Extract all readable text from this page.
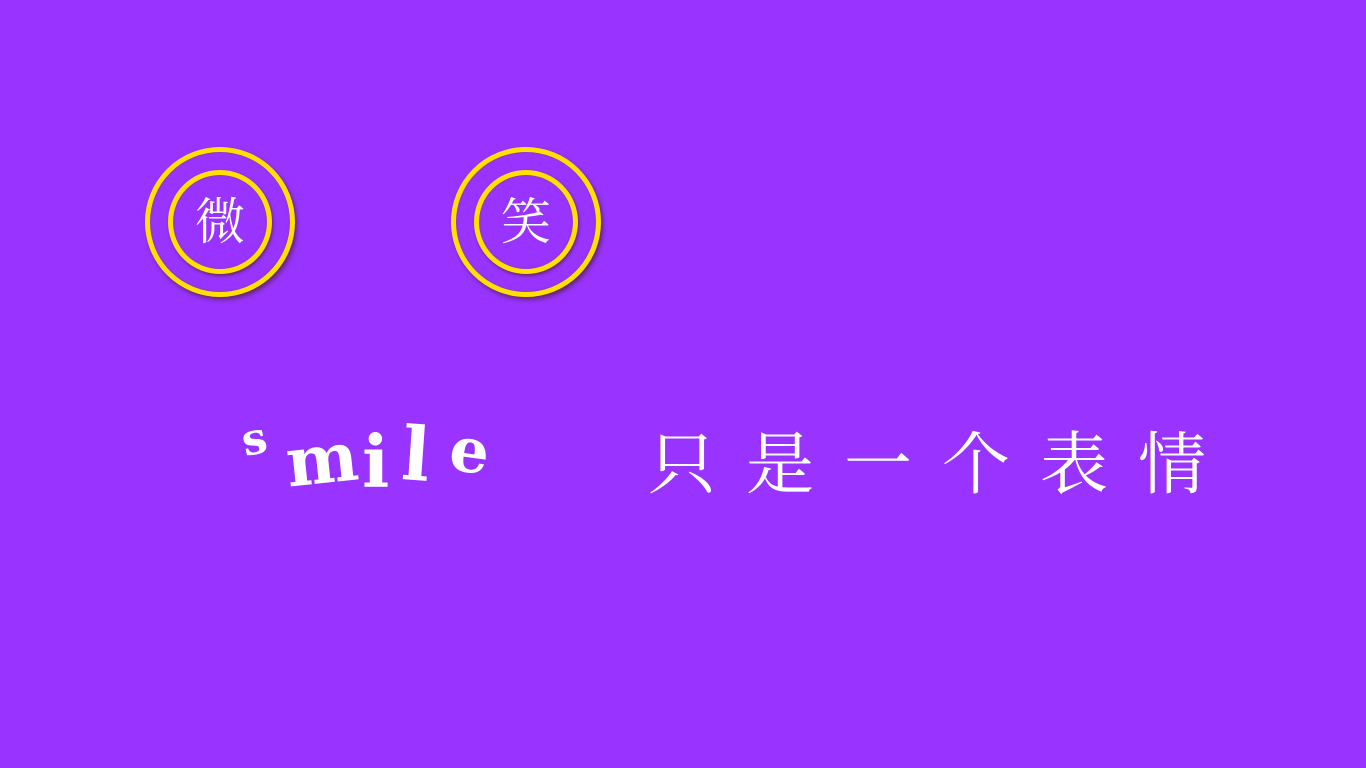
微	笑
s m i l e 只是一个表情
